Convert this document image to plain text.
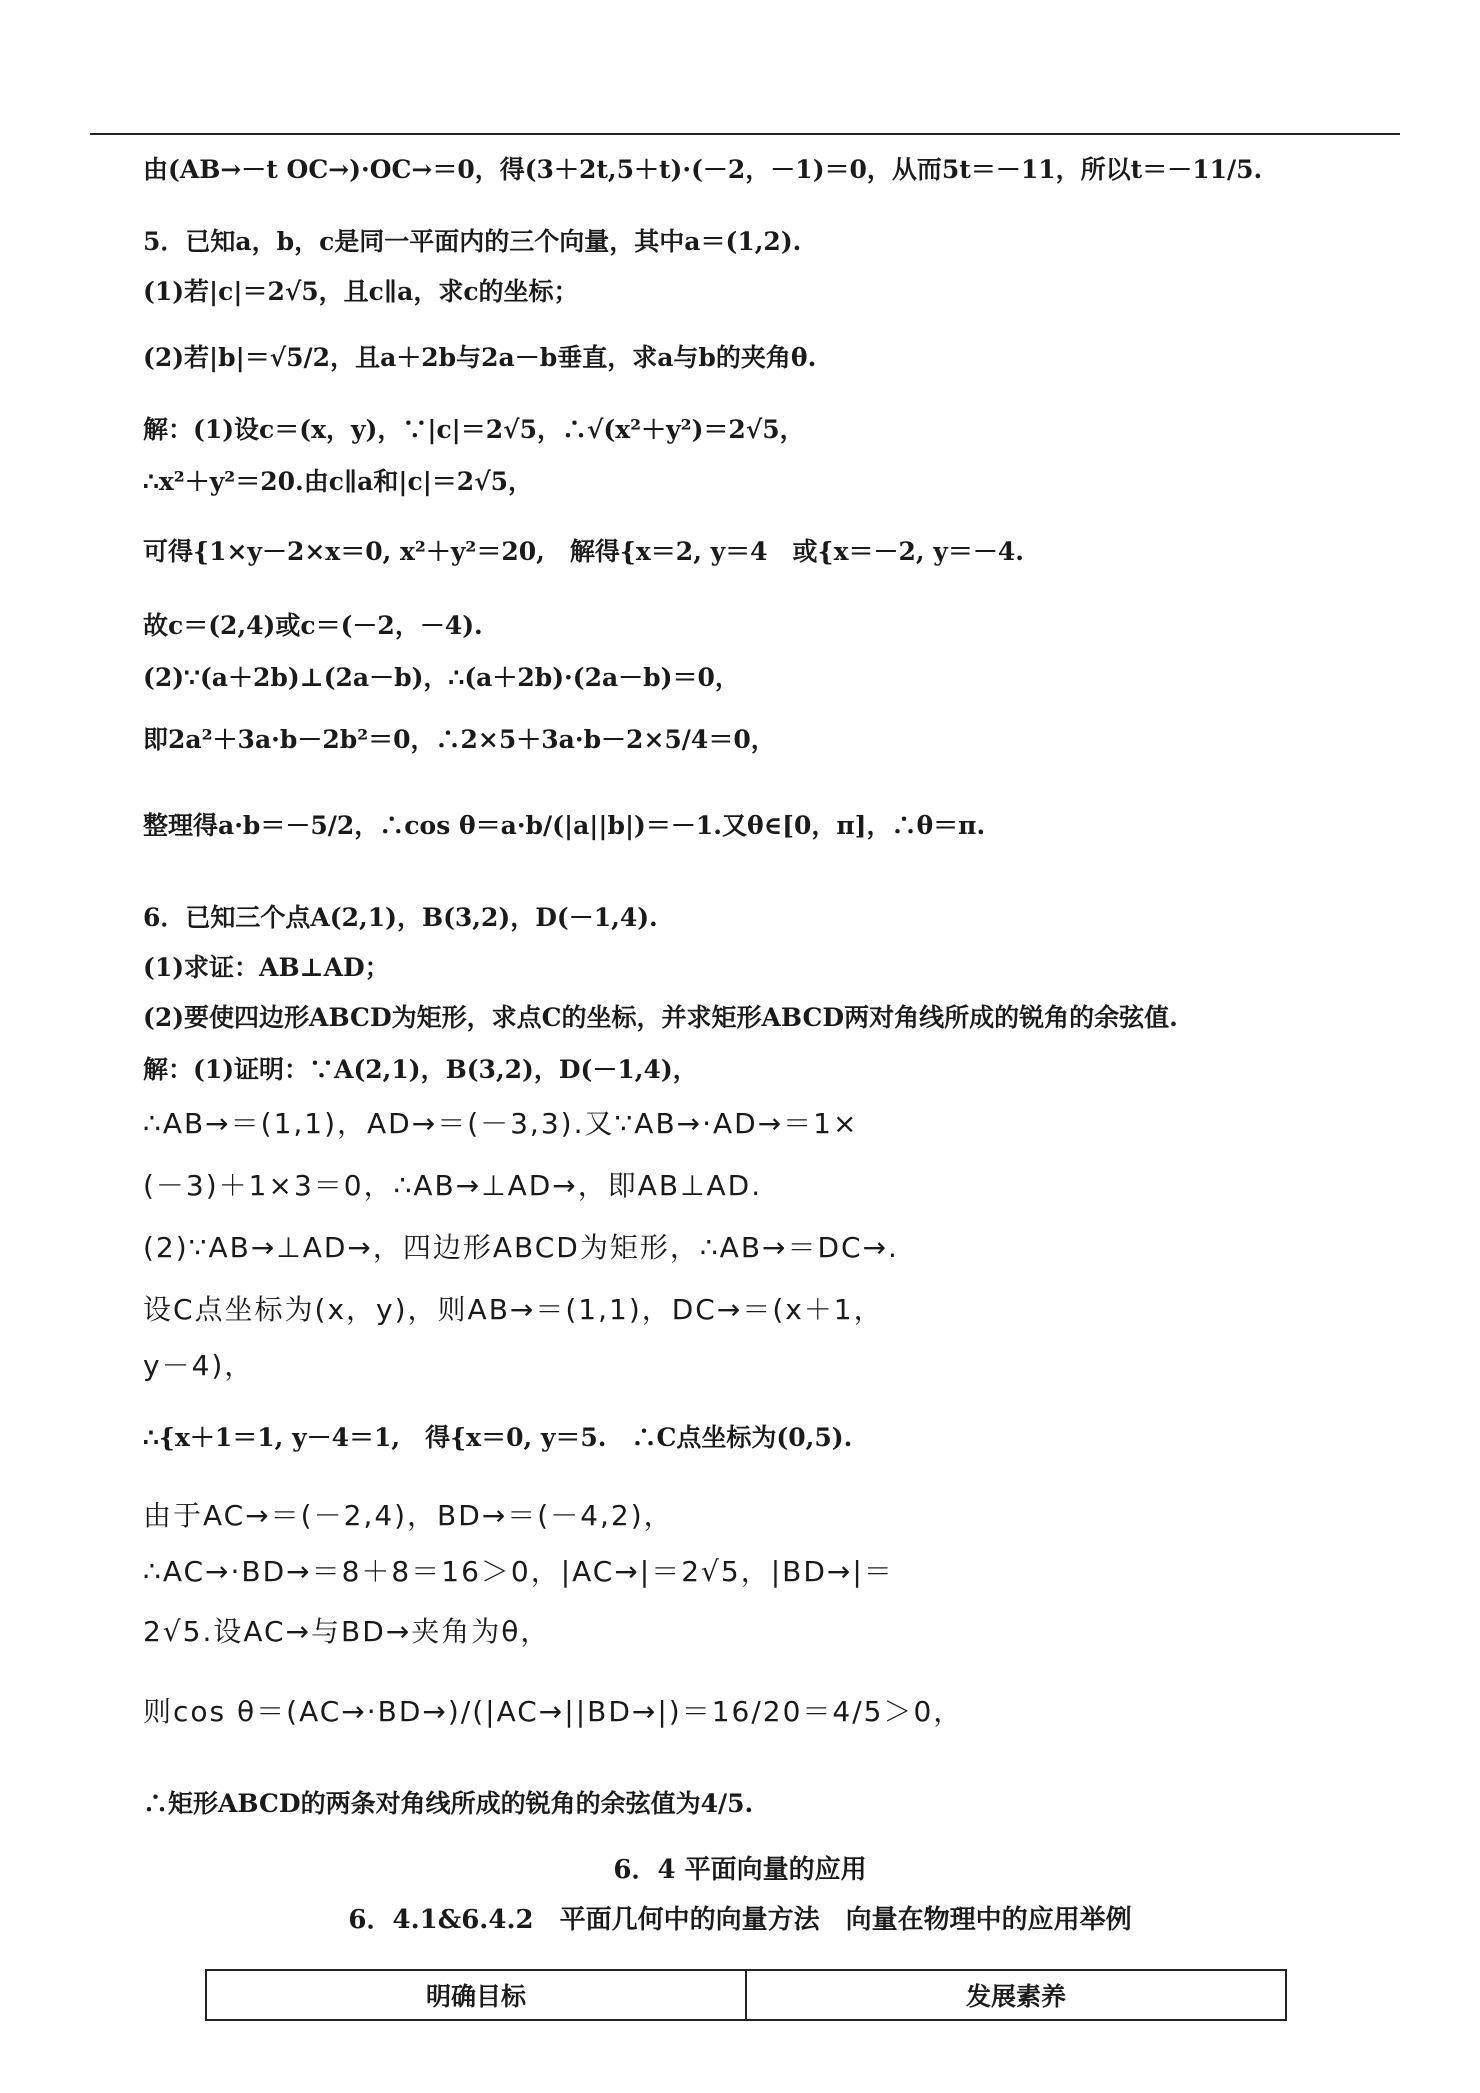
由(AB→－t OC→)·OC→＝0，得(3＋2t,5＋t)·(－2，－1)＝0，从而5t＝－11，所以t＝－11/5.
5．已知a，b，c是同一平面内的三个向量，其中a＝(1,2).
(1)若|c|＝2√5，且c∥a，求c的坐标；
(2)若|b|＝√5/2，且a＋2b与2a－b垂直，求a与b的夹角θ.
解：(1)设c＝(x，y)，∵|c|＝2√5，∴√(x²＋y²)＝2√5，
∴x²＋y²＝20.由c∥a和|c|＝2√5，
可得{1×y－2×x＝0, x²＋y²＝20,　解得{x＝2, y＝4　或{x＝－2, y＝－4.
故c＝(2,4)或c＝(－2，－4).
(2)∵(a＋2b)⊥(2a－b)，∴(a＋2b)·(2a－b)＝0，
即2a²＋3a·b－2b²＝0，∴2×5＋3a·b－2×5/4＝0，
整理得a·b＝－5/2，∴cos θ＝a·b/(|a||b|)＝－1.又θ∈[0，π]，∴θ＝π.
6．已知三个点A(2,1)，B(3,2)，D(－1,4).
(1)求证：AB⊥AD；
(2)要使四边形ABCD为矩形，求点C的坐标，并求矩形ABCD两对角线所成的锐角的余弦值.
解：(1)证明：∵A(2,1)，B(3,2)，D(－1,4)，
∴AB→＝(1,1)，AD→＝(－3,3).又∵AB→·AD→＝1×
(－3)＋1×3＝0，∴AB→⊥AD→，即AB⊥AD.
(2)∵AB→⊥AD→，四边形ABCD为矩形，∴AB→＝DC→.
设C点坐标为(x，y)，则AB→＝(1,1)，DC→＝(x＋1，
y－4)，
∴{x＋1＝1, y－4＝1,　得{x＝0, y＝5.　∴C点坐标为(0,5).
由于AC→＝(－2,4)，BD→＝(－4,2)，
∴AC→·BD→＝8＋8＝16＞0，|AC→|＝2√5，|BD→|＝
2√5.设AC→与BD→夹角为θ，
则cos θ＝(AC→·BD→)/(|AC→||BD→|)＝16/20＝4/5＞0，
∴矩形ABCD的两条对角线所成的锐角的余弦值为4/5.
6．4 平面向量的应用
6．4.1&6.4.2　平面几何中的向量方法　向量在物理中的应用举例
明确目标	发展素养
